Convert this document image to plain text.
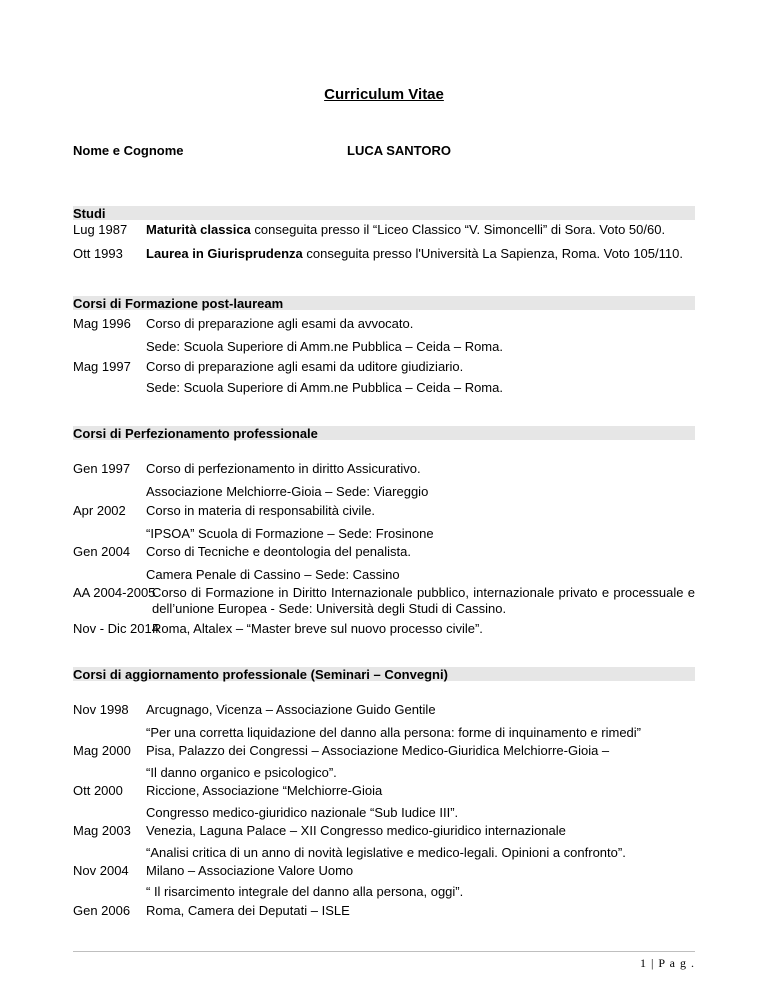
Curriculum Vitae
Nome e Cognome	LUCA SANTORO
Studi
Lug 1987 Maturità classica conseguita presso il “Liceo Classico “V. Simoncelli” di Sora. Voto 50/60.
Ott 1993 Laurea in Giurisprudenza conseguita presso l'Università La Sapienza, Roma. Voto 105/110.
Corsi di Formazione post-lauream
Mag 1996 Corso di preparazione agli esami da avvocato.
Sede: Scuola Superiore di Amm.ne Pubblica – Ceida – Roma.
Mag 1997 Corso di preparazione agli esami da uditore giudiziario.
Sede: Scuola Superiore di Amm.ne Pubblica – Ceida – Roma.
Corsi di Perfezionamento professionale
Gen 1997 Corso di perfezionamento in diritto Assicurativo.
Associazione Melchiorre-Gioia – Sede: Viareggio
Apr 2002 Corso in materia di responsabilità civile.
“IPSOA” Scuola di Formazione – Sede: Frosinone
Gen 2004 Corso di Tecniche e deontologia del penalista.
Camera Penale di Cassino – Sede: Cassino
AA 2004-2005
Corso di Formazione in Diritto Internazionale pubblico, internazionale privato e processuale e dell’unione Europea - Sede: Università degli Studi di Cassino.
Nov - Dic 2014
Roma, Altalex – “Master breve sul nuovo processo civile”.
Corsi di aggiornamento professionale (Seminari – Convegni)
Nov 1998 Arcugnago, Vicenza – Associazione Guido Gentile
“Per una corretta liquidazione del danno alla persona: forme di inquinamento e rimedi”
Mag 2000 Pisa, Palazzo dei Congressi – Associazione Medico-Giuridica Melchiorre-Gioia –
“Il danno organico e psicologico”.
Ott 2000 Riccione, Associazione “Melchiorre-Gioia
Congresso medico-giuridico nazionale “Sub Iudice III”.
Mag 2003 Venezia, Laguna Palace – XII Congresso medico-giuridico internazionale
“Analisi critica di un anno di novità legislative e medico-legali. Opinioni a confronto”.
Nov 2004 Milano – Associazione Valore Uomo
“ Il risarcimento integrale del danno alla persona, oggi”.
Gen 2006 Roma, Camera dei Deputati – ISLE
1 | P a g .
